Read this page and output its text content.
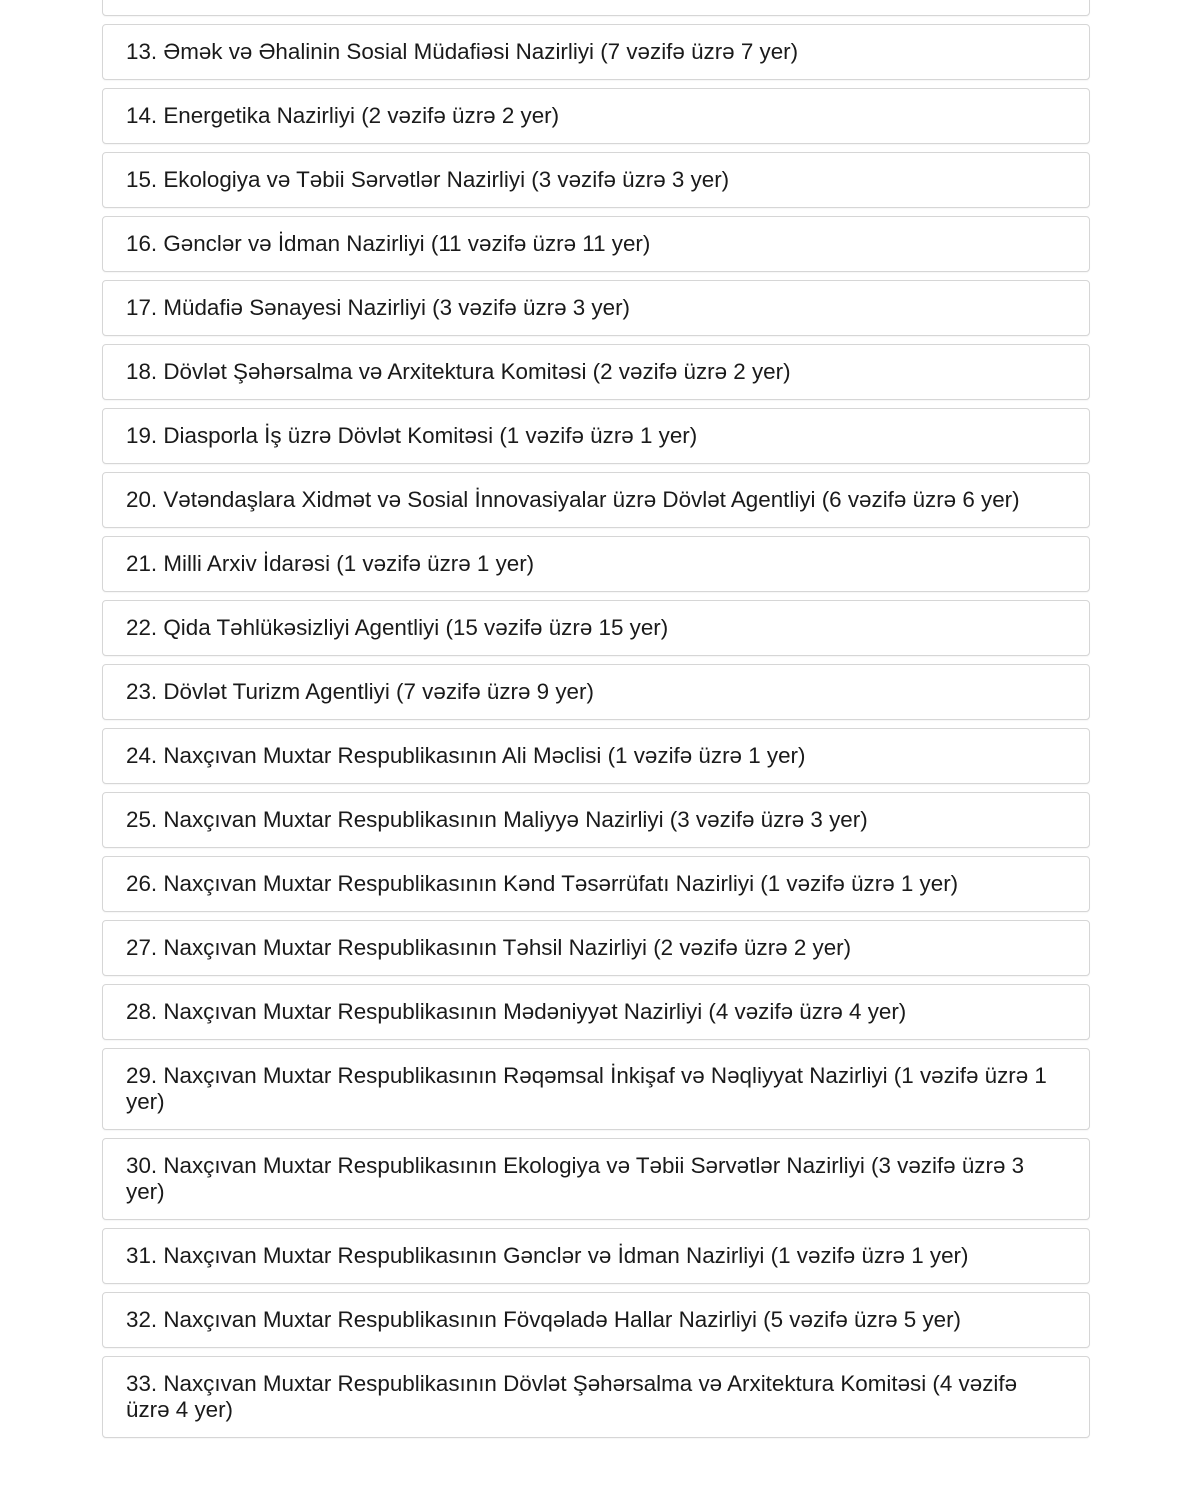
13. Əmək və Əhalinin Sosial Müdafiəsi Nazirliyi (7 vəzifə üzrə 7 yer)
14. Energetika Nazirliyi (2 vəzifə üzrə 2 yer)
15. Ekologiya və Təbii Sərvətlər Nazirliyi (3 vəzifə üzrə 3 yer)
16. Gənclər və İdman Nazirliyi (11 vəzifə üzrə 11 yer)
17. Müdafiə Sənayesi Nazirliyi (3 vəzifə üzrə 3 yer)
18. Dövlət Şəhərsalma və Arxitektura Komitəsi (2 vəzifə üzrə 2 yer)
19. Diasporla İş üzrə Dövlət Komitəsi (1 vəzifə üzrə 1 yer)
20. Vətəndaşlara Xidmət və Sosial İnnovasiyalar üzrə Dövlət Agentliyi (6 vəzifə üzrə 6 yer)
21. Milli Arxiv İdarəsi (1 vəzifə üzrə 1 yer)
22. Qida Təhlükəsizliyi Agentliyi (15 vəzifə üzrə 15 yer)
23. Dövlət Turizm Agentliyi (7 vəzifə üzrə 9 yer)
24. Naxçıvan Muxtar Respublikasının Ali Məclisi (1 vəzifə üzrə 1 yer)
25. Naxçıvan Muxtar Respublikasının Maliyyə Nazirliyi (3 vəzifə üzrə 3 yer)
26. Naxçıvan Muxtar Respublikasının Kənd Təsərrüfatı Nazirliyi (1 vəzifə üzrə 1 yer)
27. Naxçıvan Muxtar Respublikasının Təhsil Nazirliyi (2 vəzifə üzrə 2 yer)
28. Naxçıvan Muxtar Respublikasının Mədəniyyət Nazirliyi (4 vəzifə üzrə 4 yer)
29. Naxçıvan Muxtar Respublikasının Rəqəmsal İnkişaf və Nəqliyyat Nazirliyi (1 vəzifə üzrə 1 yer)
30. Naxçıvan Muxtar Respublikasının Ekologiya və Təbii Sərvətlər Nazirliyi (3 vəzifə üzrə 3 yer)
31. Naxçıvan Muxtar Respublikasının Gənclər və İdman Nazirliyi (1 vəzifə üzrə 1 yer)
32. Naxçıvan Muxtar Respublikasının Fövqəladə Hallar Nazirliyi (5 vəzifə üzrə 5 yer)
33. Naxçıvan Muxtar Respublikasının Dövlət Şəhərsalma və Arxitektura Komitəsi (4 vəzifə üzrə 4 yer)
